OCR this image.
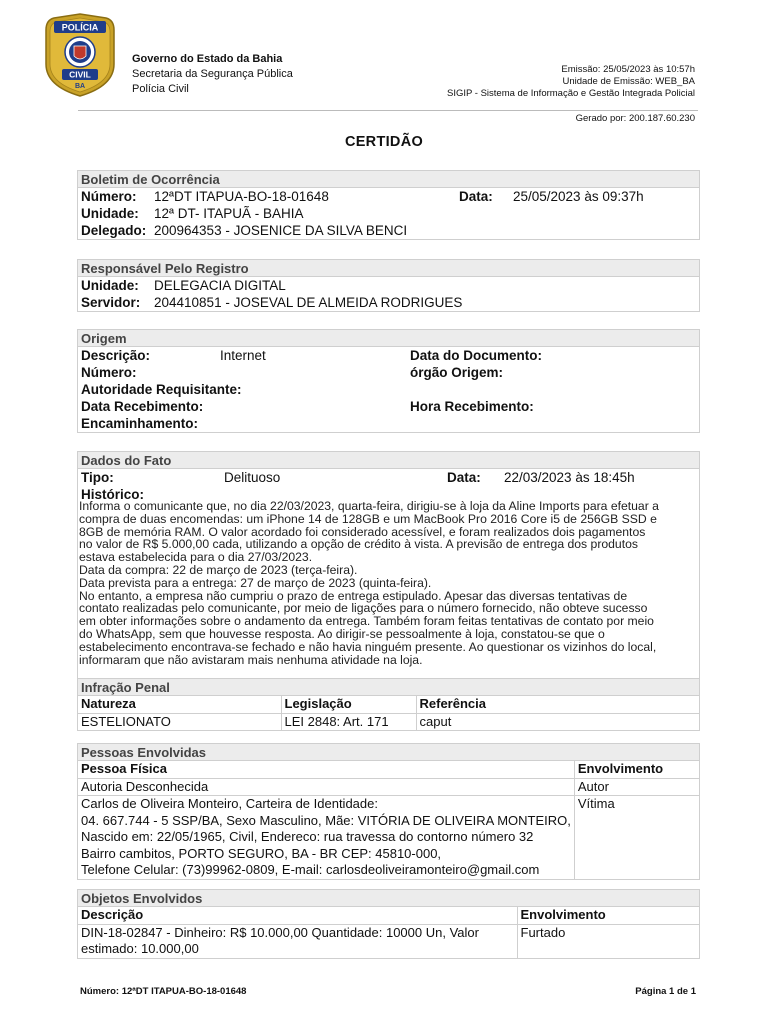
POLÍCIA
CIVIL
BA
Governo do Estado da Bahia
Secretaria da Segurança Pública
Polícia Civil
Emissão: 25/05/2023 às 10:57h
Unidade de Emissão: WEB_BA
SIGIP - Sistema de Informação e Gestão Integrada Policial
Gerado por: 200.187.60.230
CERTIDÃO
Boletim de Ocorrência
Número: 12ªDT ITAPUA-BO-18-01648	Data: 25/05/2023 às 09:37h
Unidade: 12ª DT- ITAPUÃ - BAHIA
Delegado: 200964353 - JOSENICE DA SILVA BENCI
Responsável Pelo Registro
Unidade: DELEGACIA DIGITAL
Servidor: 204410851 - JOSEVAL DE ALMEIDA RODRIGUES
Origem
Descrição:	Internet	Data do Documento:
Número:	órgão Origem:
Autoridade Requisitante:
Data Recebimento:	Hora Recebimento:
Encaminhamento:
Dados do Fato
Tipo:	Delituoso	Data: 22/03/2023 às 18:45h
Histórico:

Informa o comunicante que, no dia 22/03/2023, quarta-feira, dirigiu-se à loja da Aline Imports para efetuar a

compra de duas encomendas: um iPhone 14 de 128GB e um MacBook Pro 2016 Core i5 de 256GB SSD e

8GB de memória RAM. O valor acordado foi considerado acessível, e foram realizados dois pagamentos

no valor de R$ 5.000,00 cada, utilizando a opção de crédito à vista. A previsão de entrega dos produtos

estava estabelecida para o dia 27/03/2023.

Data da compra: 22 de março de 2023 (terça-feira).

Data prevista para a entrega: 27 de março de 2023 (quinta-feira).

No entanto, a empresa não cumpriu o prazo de entrega estipulado. Apesar das diversas tentativas de

contato realizadas pelo comunicante, por meio de ligações para o número fornecido, não obteve sucesso

em obter informações sobre o andamento da entrega. Também foram feitas tentativas de contato por meio

do WhatsApp, sem que houvesse resposta. Ao dirigir-se pessoalmente à loja, constatou-se que o

estabelecimento encontrava-se fechado e não havia ninguém presente. Ao questionar os vizinhos do local,

informaram que não avistaram mais nenhuma atividade na loja.

Infração Penal
Natureza	Legislação	Referência
ESTELIONATO	LEI 2848: Art. 171	caput
Pessoas Envolvidas
Pessoa Física	Envolvimento
Autoria Desconhecida	Autor

Carlos de Oliveira Monteiro, Carteira de Identidade:
04. 667.744 - 5 SSP/BA, Sexo Masculino, Mãe: VITÓRIA DE OLIVEIRA MONTEIRO,
Nascido em: 22/05/1965, Civil, Endereco: rua travessa do contorno número 32
Bairro cambitos, PORTO SEGURO, BA - BR CEP: 45810-000,
Telefone Celular: (73)99962-0809, E-mail: carlosdeoliveiramonteiro@gmail.com	Vítima
Objetos Envolvidos
Descrição	Envolvimento

DIN-18-02847 - Dinheiro: R$ 10.000,00 Quantidade: 10000 Un, Valor
estimado: 10.000,00	Furtado
Número: 12ªDT ITAPUA-BO-18-01648	Página 1 de 1
